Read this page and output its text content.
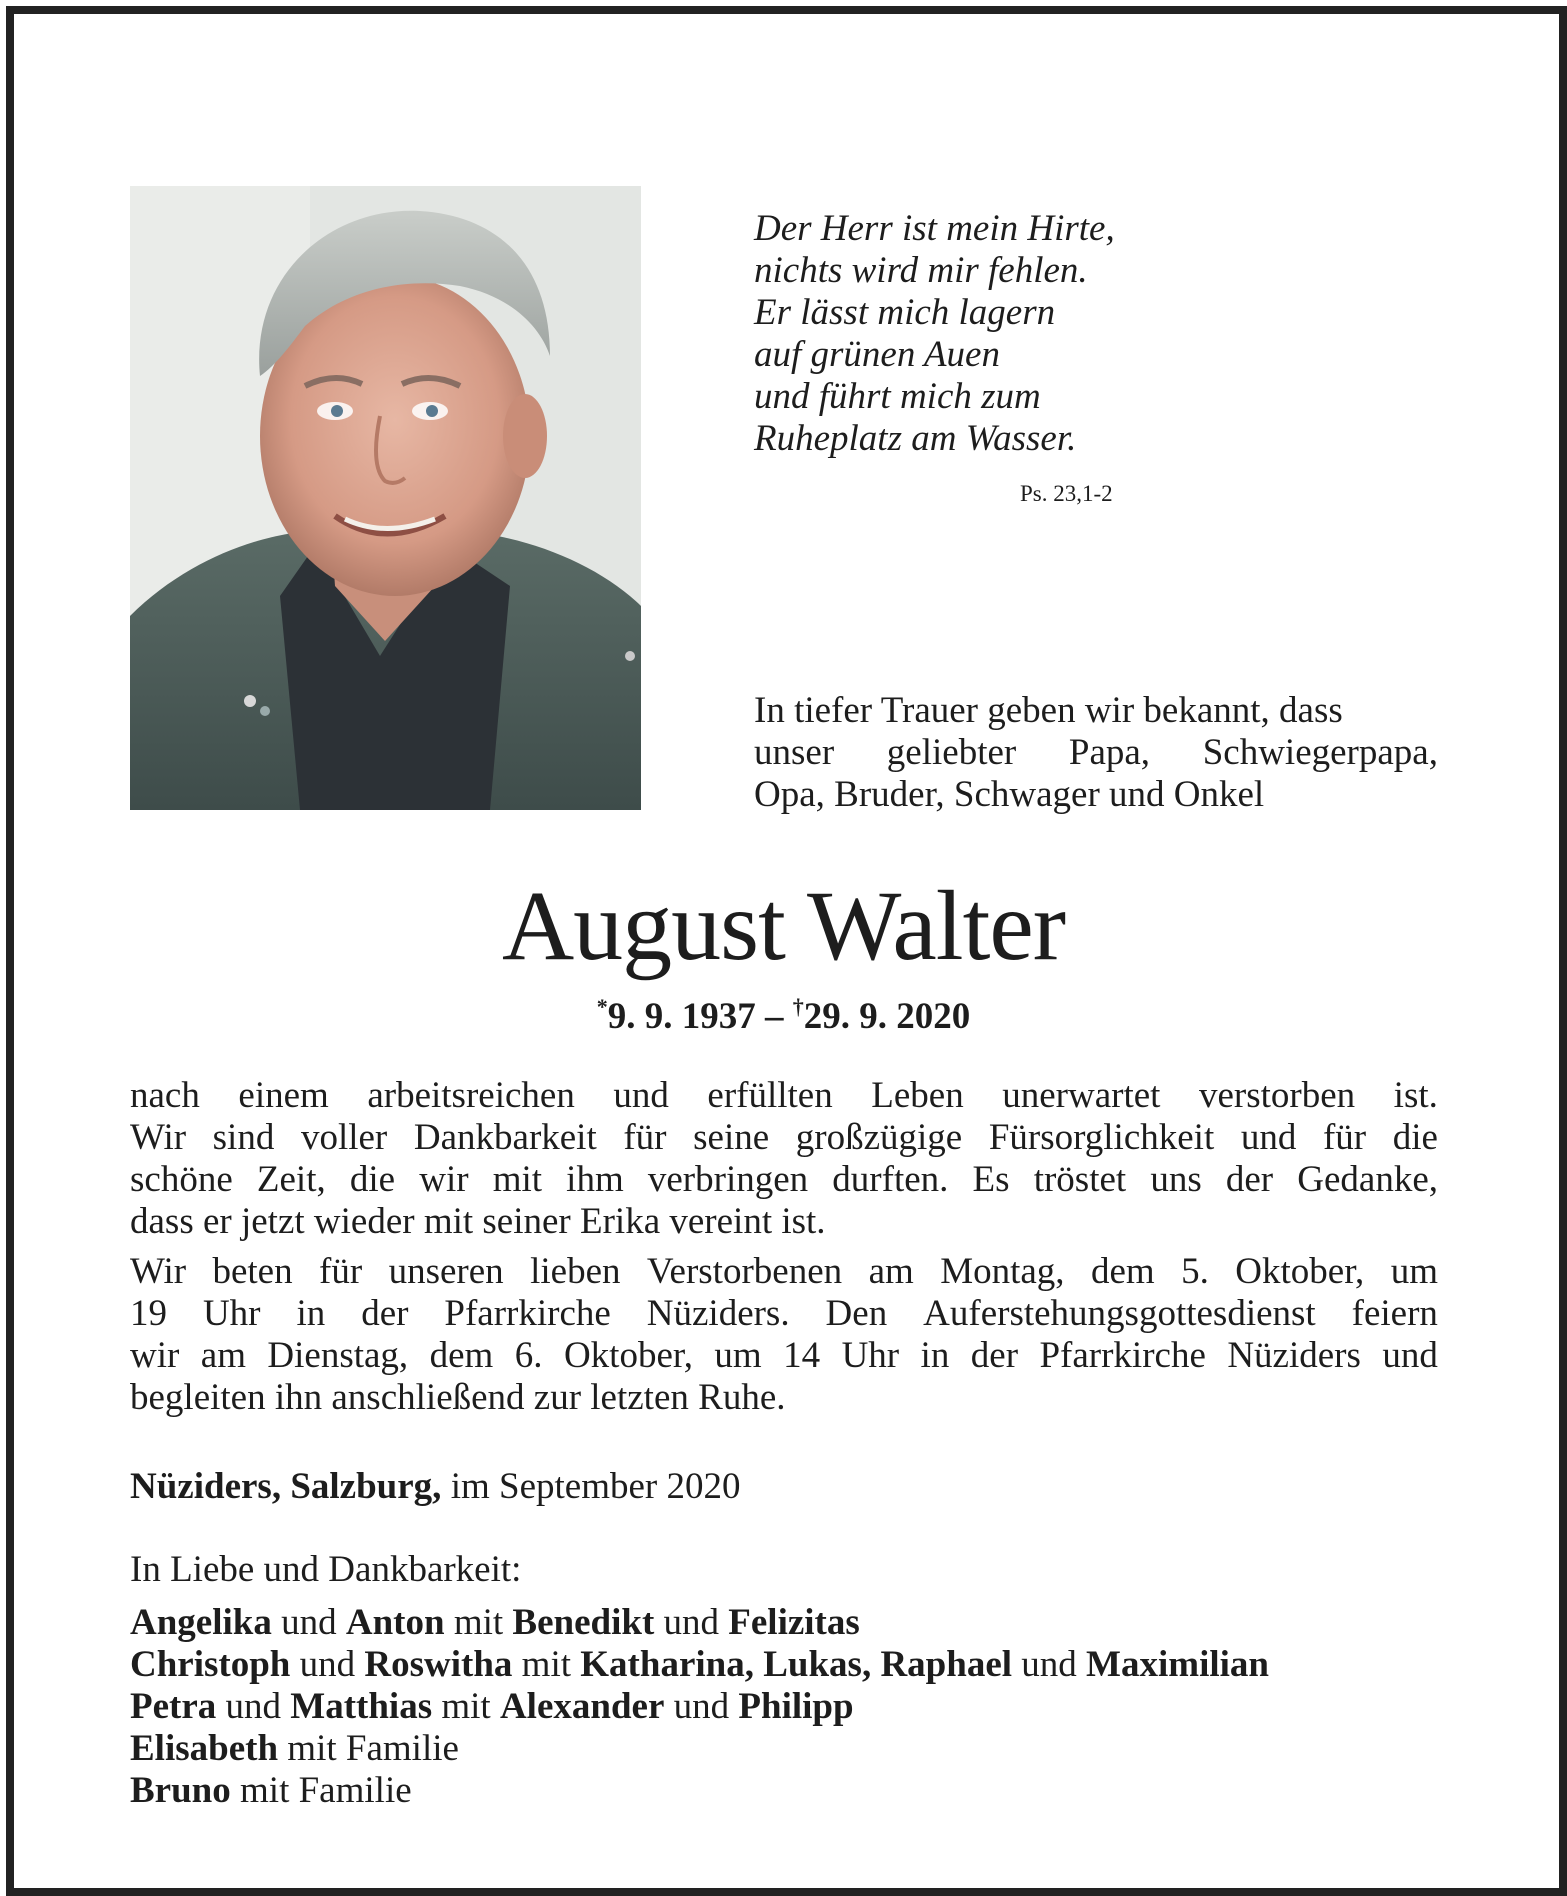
Der Herr ist mein Hirte,
nichts wird mir fehlen.
Er lässt mich lagern
auf grünen Auen
und führt mich zum
Ruheplatz am Wasser.
Ps. 23,1-2
In tiefer Trauer geben wir bekannt, dass
unser geliebter Papa, Schwiegerpapa,
Opa, Bruder, Schwager und Onkel
August Walter
*9. 9. 1937 – †29. 9. 2020

nach einem arbeitsreichen und erfüllten Leben unerwartet verstorben ist.
Wir sind voller Dankbarkeit für seine großzügige Fürsorglichkeit und für die
schöne Zeit, die wir mit ihm verbringen durften. Es tröstet uns der Gedanke,
dass er jetzt wieder mit seiner Erika vereint ist.

Wir beten für unseren lieben Verstorbenen am Montag, dem 5. Oktober, um
19 Uhr in der Pfarrkirche Nüziders. Den Auferstehungsgottesdienst feiern
wir am Dienstag, dem 6. Oktober, um 14 Uhr in der Pfarrkirche Nüziders und
begleiten ihn anschließend zur letzten Ruhe.

Nüziders, Salzburg, im September 2020
In Liebe und Dankbarkeit:
Angelika und Anton mit Benedikt und Felizitas
Christoph und Roswitha mit Katharina, Lukas, Raphael und Maximilian
Petra und Matthias mit Alexander und Philipp
Elisabeth mit Familie
Bruno mit Familie
